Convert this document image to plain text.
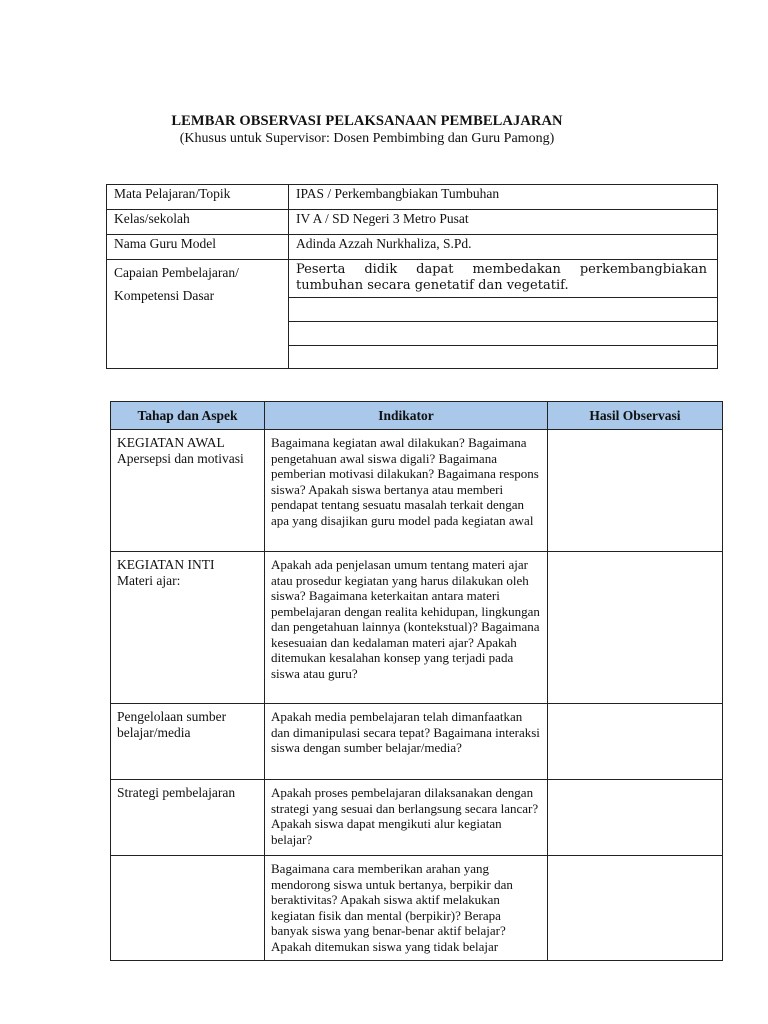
LEMBAR OBSERVASI PELAKSANAAN PEMBELAJARAN
(Khusus untuk Supervisor: Dosen Pembimbing dan Guru Pamong)
Mata Pelajaran/Topik	IPAS / Perkembangbiakan Tumbuhan
Kelas/sekolah	IV A / SD Negeri 3 Metro Pusat
Nama Guru Model	Adinda Azzah Nurkhaliza, S.Pd.

Capaian Pembelajaran/
Kompetensi Dasar	Peserta didik dapat membedakan perkembangbiakan tumbuhan secara genetatif dan vegetatif.

Tahap dan Aspek	Indikator	Hasil Observasi

KEGIATAN AWAL
Apersepsi dan motivasi	Bagaimana kegiatan awal dilakukan? Bagaimana pengetahuan awal siswa digali? Bagaimana pemberian motivasi dilakukan? Bagaimana respons siswa? Apakah siswa bertanya atau memberi pendapat tentang sesuatu masalah terkait dengan apa yang disajikan guru model pada kegiatan awal	

KEGIATAN INTI
Materi ajar:	Apakah ada penjelasan umum tentang materi ajar atau prosedur kegiatan yang harus dilakukan oleh siswa? Bagaimana keterkaitan antara materi pembelajaran dengan realita kehidupan, lingkungan dan pengetahuan lainnya (kontekstual)? Bagaimana kesesuaian dan kedalaman materi ajar? Apakah ditemukan kesalahan konsep yang terjadi pada siswa atau guru?	

Pengelolaan sumber belajar/media	Apakah media pembelajaran telah dimanfaatkan dan dimanipulasi secara tepat? Bagaimana interaksi siswa dengan sumber belajar/media?	

Strategi pembelajaran	Apakah proses pembelajaran dilaksanakan dengan strategi yang sesuai dan berlangsung secara lancar? Apakah siswa dapat mengikuti alur kegiatan belajar?	

	Bagaimana cara memberikan arahan yang mendorong siswa untuk bertanya, berpikir dan beraktivitas? Apakah siswa aktif melakukan kegiatan fisik dan mental (berpikir)? Berapa banyak siswa yang benar-benar aktif belajar? Apakah ditemukan siswa yang tidak belajar	
